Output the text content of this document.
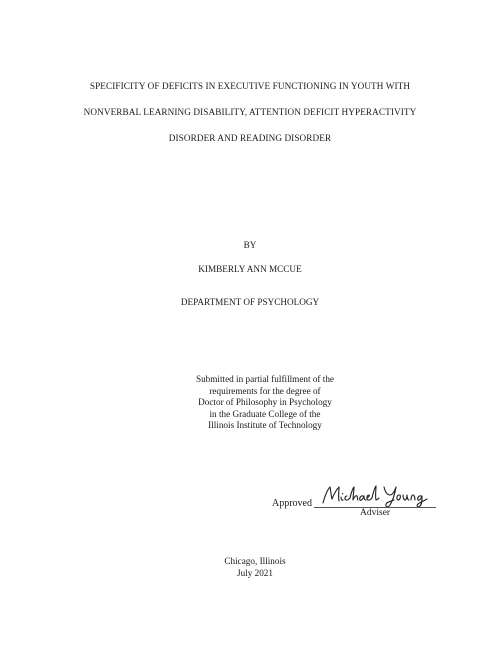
SPECIFICITY OF DEFICITS IN EXECUTIVE FUNCTIONING IN YOUTH WITH
NONVERBAL LEARNING DISABILITY, ATTENTION DEFICIT HYPERACTIVITY
DISORDER AND READING DISORDER
BY
KIMBERLY ANN MCCUE
DEPARTMENT OF PSYCHOLOGY
Submitted in partial fulfillment of the
requirements for the degree of
Doctor of Philosophy in Psychology
in the Graduate College of the
Illinois Institute of Technology
Approved
Adviser
Chicago, Illinois
July 2021
